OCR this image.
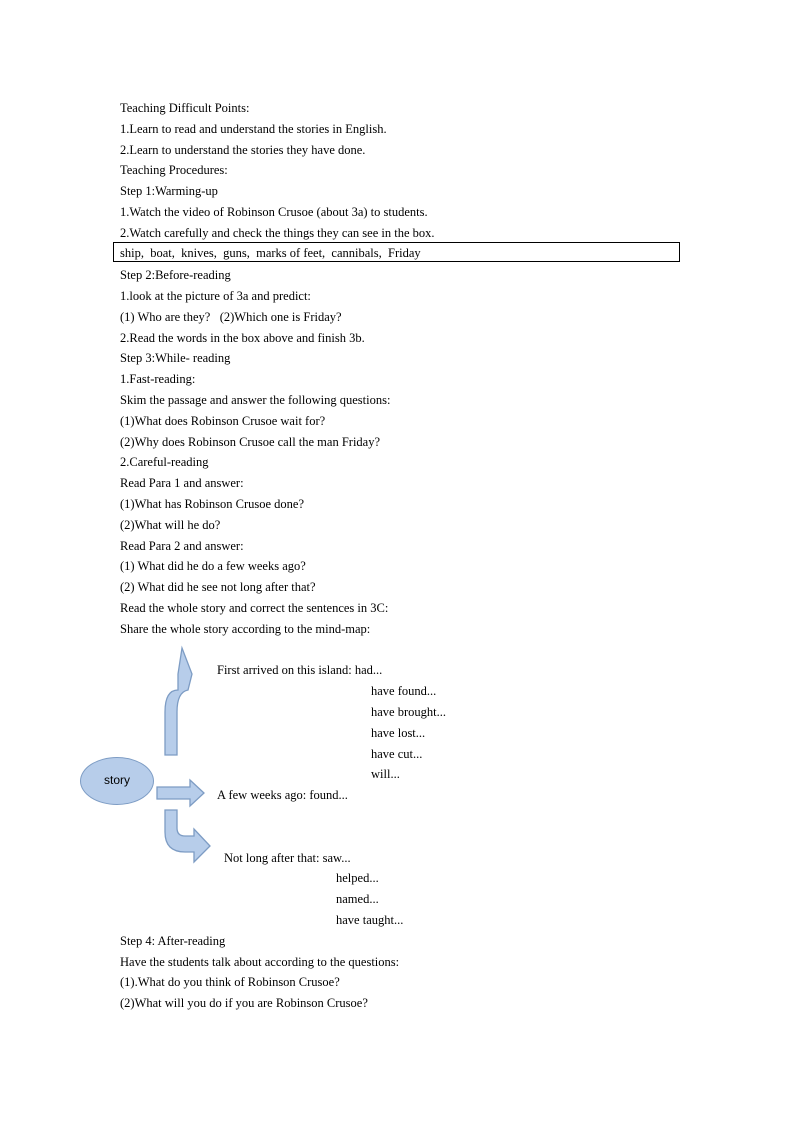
Teaching Difficult Points:
1.Learn to read and understand the stories in English.
2.Learn to understand the stories they have done.
Teaching Procedures:
Step 1:Warming-up
1.Watch the video of Robinson Crusoe (about 3a) to students.
2.Watch carefully and check the things they can see in the box.
ship,  boat,  knives,  guns,  marks of feet,  cannibals,  Friday
Step 2:Before-reading
1.look at the picture of 3a and predict:
(1) Who are they?   (2)Which one is Friday?
2.Read the words in the box above and finish 3b.
Step 3:While- reading
1.Fast-reading:
Skim the passage and answer the following questions:
(1)What does Robinson Crusoe wait for?
(2)Why does Robinson Crusoe call the man Friday?
2.Careful-reading
Read Para 1 and answer:
(1)What has Robinson Crusoe done?
(2)What will he do?
Read Para 2 and answer:
(1) What did he do a few weeks ago?
(2) What did he see not long after that?
Read the whole story and correct the sentences in 3C:
Share the whole story according to the mind-map:
story
First arrived on this island: had...
have found...
have brought...
have lost...
have cut...
will...
A few weeks ago: found...
Not long after that: saw...
helped...
named...
have taught...
Step 4: After-reading
Have the students talk about according to the questions:
(1).What do you think of Robinson Crusoe?
(2)What will you do if you are Robinson Crusoe?
